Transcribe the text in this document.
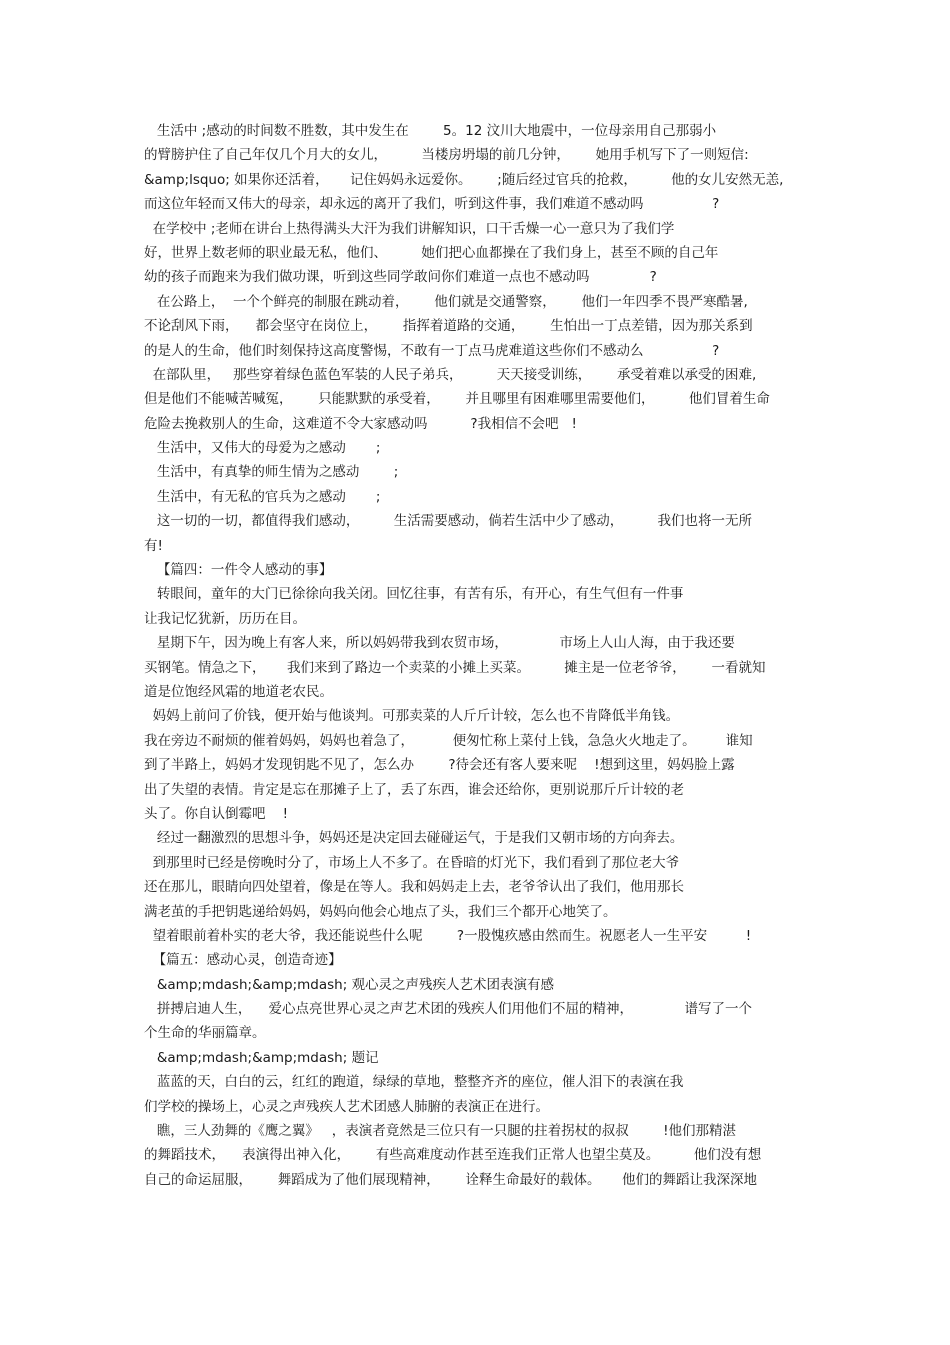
生活中 ;感动的时间数不胜数，其中发生在        5。12 汶川大地震中，一位母亲用自己那弱小
的臂膀护住了自己年仅几个月大的女儿，        当楼房坍塌的前几分钟，      她用手机写下了一则短信:
&amp;lsquo; 如果你还活着，     记住妈妈永远爱你。      ;随后经过官兵的抢救，        他的女儿安然无恙,
而这位年轻而又伟大的母亲，却永远的离开了我们，听到这件事，我们难道不感动吗                ?
在学校中 ;老师在讲台上热得满头大汗为我们讲解知识，口干舌燥一心一意只为了我们学
好，世界上数老师的职业最无私，他们、        她们把心血都操在了我们身上，甚至不顾的自己年
幼的孩子而跑来为我们做功课，听到这些同学敢问你们难道一点也不感动吗              ?
在公路上，  一个个鲜亮的制服在跳动着，      他们就是交通警察，      他们一年四季不畏严寒酷暑,
不论刮风下雨，    都会坚守在岗位上，      指挥着道路的交通，      生怕出一丁点差错，因为那关系到
的是人的生命，他们时刻保持这高度警惕，不敢有一丁点马虎难道这些你们不感动么                ?
在部队里，   那些穿着绿色蓝色军装的人民子弟兵，        天天接受训练，      承受着难以承受的困难,
但是他们不能喊苦喊冤，      只能默默的承受着，      并且哪里有困难哪里需要他们，        他们冒着生命
危险去挽救别人的生命，这难道不令大家感动吗          ?我相信不会吧   !
生活中，又伟大的母爱为之感动       ;
生活中，有真挚的师生情为之感动        ;
生活中，有无私的官兵为之感动       ;
这一切的一切，都值得我们感动，        生活需要感动，倘若生活中少了感动，        我们也将一无所
有!
【篇四：一件令人感动的事】
转眼间，童年的大门已徐徐向我关闭。回忆往事，有苦有乐，有开心，有生气但有一件事
让我记忆犹新，历历在目。
星期下午，因为晚上有客人来，所以妈妈带我到农贸市场，            市场上人山人海，由于我还要
买钢笔。情急之下，     我们来到了路边一个卖菜的小摊上买菜。        摊主是一位老爷爷，      一看就知
道是位饱经风霜的地道老农民。
妈妈上前问了价钱，便开始与他谈判。可那卖菜的人斤斤计较，怎么也不肯降低半角钱。
我在旁边不耐烦的催着妈妈，妈妈也着急了，         便匆忙称上菜付上钱，急急火火地走了。       谁知
到了半路上，妈妈才发现钥匙不见了，怎么办        ?待会还有客人要来呢    !想到这里，妈妈脸上露
出了失望的表情。肯定是忘在那摊子上了，丢了东西，谁会还给你，更别说那斤斤计较的老
头了。你自认倒霉吧    !
经过一翻激烈的思想斗争，妈妈还是决定回去碰碰运气，于是我们又朝市场的方向奔去。
到那里时已经是傍晚时分了，市场上人不多了。在昏暗的灯光下，我们看到了那位老大爷
还在那儿，眼睛向四处望着，像是在等人。我和妈妈走上去，老爷爷认出了我们，他用那长
满老茧的手把钥匙递给妈妈，妈妈向他会心地点了头，我们三个都开心地笑了。
望着眼前着朴实的老大爷，我还能说些什么呢        ?一股愧疚感由然而生。祝愿老人一生平安         !
【篇五：感动心灵，创造奇迹】
&amp;mdash;&amp;mdash; 观心灵之声残疾人艺术团表演有感
拼搏启迪人生，    爱心点亮世界心灵之声艺术团的残疾人们用他们不屈的精神，            谱写了一个
个生命的华丽篇章。
&amp;mdash;&amp;mdash; 题记
蓝蓝的天，白白的云，红红的跑道，绿绿的草地，整整齐齐的座位，催人泪下的表演在我
们学校的操场上，心灵之声残疾人艺术团感人肺腑的表演正在进行。
瞧，三人劲舞的《鹰之翼》   ，表演者竟然是三位只有一只腿的拄着拐杖的叔叔        !他们那精湛
的舞蹈技术，    表演得出神入化，      有些高难度动作甚至连我们正常人也望尘莫及。        他们没有想
自己的命运屈服，      舞蹈成为了他们展现精神，      诠释生命最好的载体。     他们的舞蹈让我深深地
